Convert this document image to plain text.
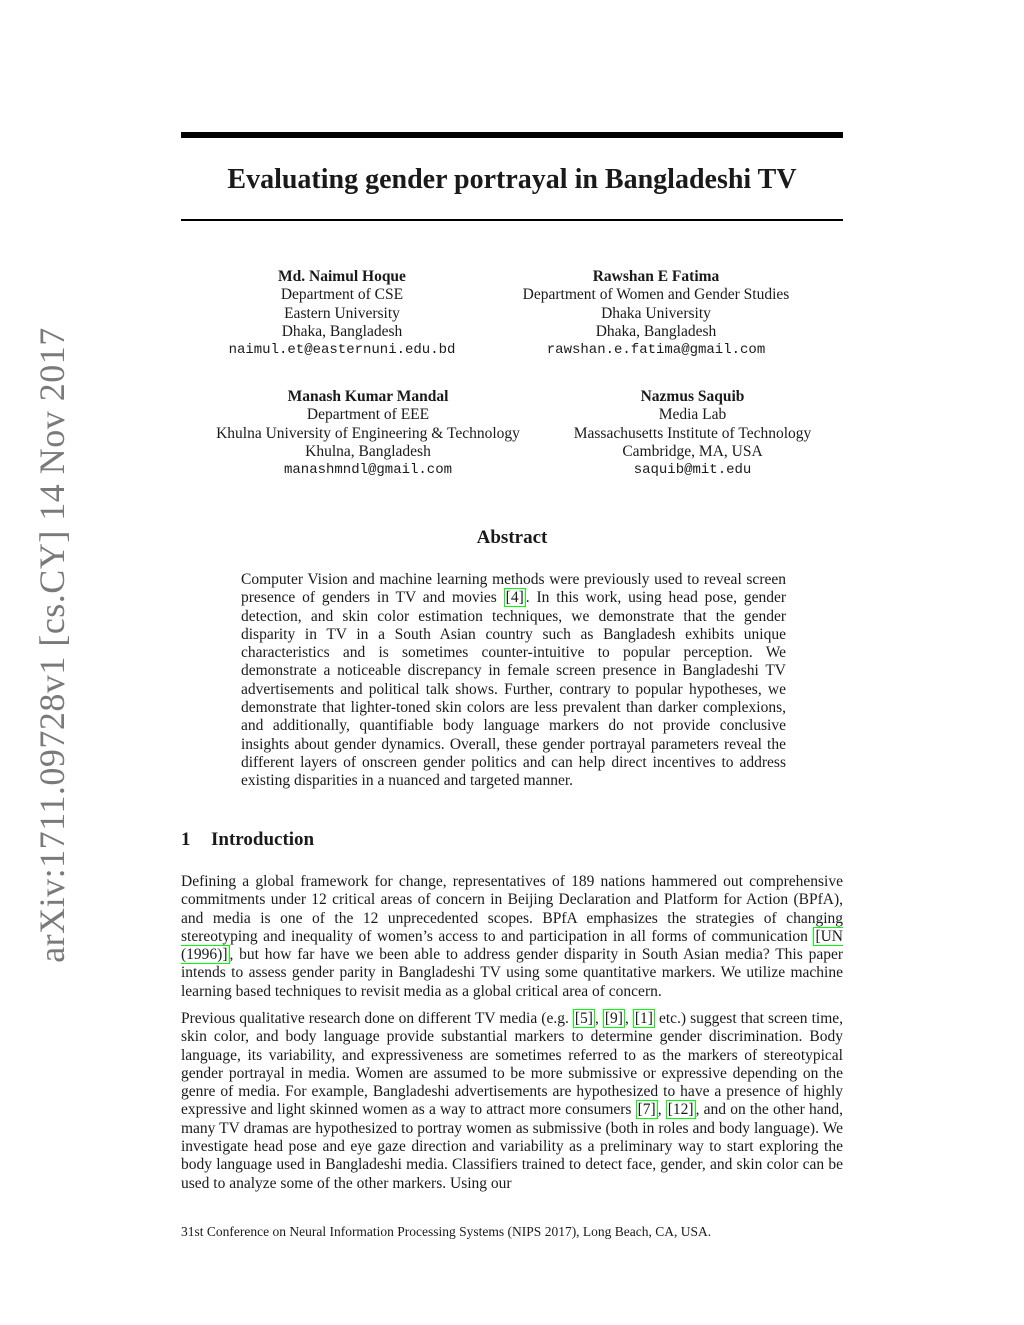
arXiv:1711.09728v1 [cs.CY] 14 Nov 2017
Evaluating gender portrayal in Bangladeshi TV
Md. Naimul Hoque
Department of CSE
Eastern University
Dhaka, Bangladesh
naimul.et@easternuni.edu.bd
Rawshan E Fatima
Department of Women and Gender Studies
Dhaka University
Dhaka, Bangladesh
rawshan.e.fatima@gmail.com
Manash Kumar Mandal
Department of EEE
Khulna University of Engineering & Technology
Khulna, Bangladesh
manashmndl@gmail.com
Nazmus Saquib
Media Lab
Massachusetts Institute of Technology
Cambridge, MA, USA
saquib@mit.edu
Abstract
Computer Vision and machine learning methods were previously used to reveal screen presence of genders in TV and movies [4] . In this work, using head pose, gender detection, and skin color estimation techniques, we demonstrate that the gender disparity in TV in a South Asian country such as Bangladesh exhibits unique characteristics and is sometimes counter-intuitive to popular perception. We demonstrate a noticeable discrepancy in female screen presence in Bangladeshi TV advertisements and political talk shows. Further, contrary to popular hypotheses, we demonstrate that lighter-toned skin colors are less prevalent than darker complexions, and additionally, quantifiable body language markers do not provide conclusive insights about gender dynamics. Overall, these gender portrayal parameters reveal the different layers of onscreen gender politics and can help direct incentives to address existing disparities in a nuanced and targeted manner.
1 Introduction
Defining a global framework for change, representatives of 189 nations hammered out comprehensive commitments under 12 critical areas of concern in Beijing Declaration and Platform for Action (BPfA), and media is one of the 12 unprecedented scopes. BPfA emphasizes the strategies of changing stereotyping and inequality of women’s access to and participation in all forms of communication [UN (1996)] , but how far have we been able to address gender disparity in South Asian media? This paper intends to assess gender parity in Bangladeshi TV using some quantitative markers. We utilize machine learning based techniques to revisit media as a global critical area of concern.
Previous qualitative research done on different TV media (e.g. [5] , [9] , [1] etc.) suggest that screen time, skin color, and body language provide substantial markers to determine gender discrimination. Body language, its variability, and expressiveness are sometimes referred to as the markers of stereotypical gender portrayal in media. Women are assumed to be more submissive or expressive depending on the genre of media. For example, Bangladeshi advertisements are hypothesized to have a presence of highly expressive and light skinned women as a way to attract more consumers [7] , [12] , and on the other hand, many TV dramas are hypothesized to portray women as submissive (both in roles and body language). We investigate head pose and eye gaze direction and variability as a preliminary way to start exploring the body language used in Bangladeshi media. Classifiers trained to detect face, gender, and skin color can be used to analyze some of the other markers. Using our
31st Conference on Neural Information Processing Systems (NIPS 2017), Long Beach, CA, USA.
